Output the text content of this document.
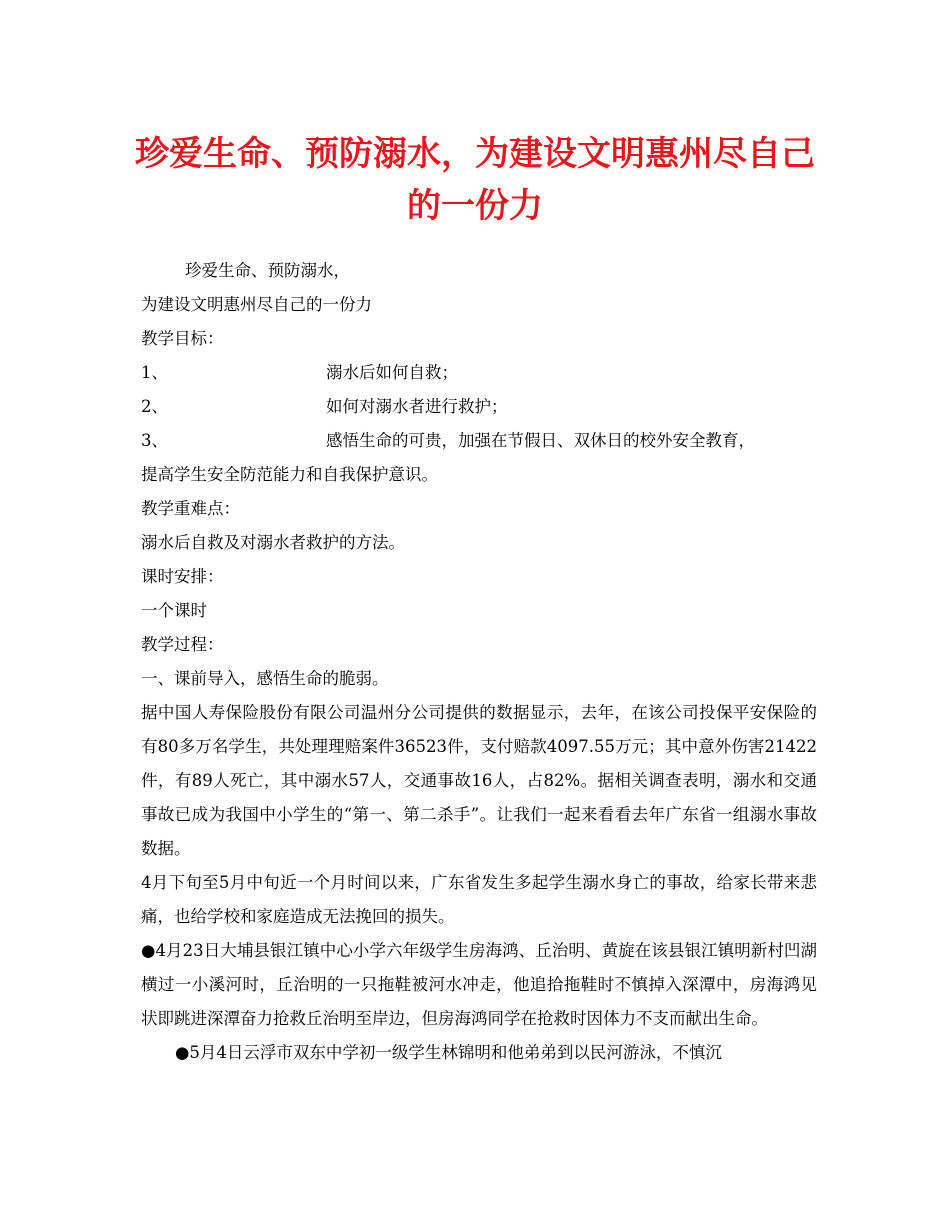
珍爱生命、预防溺水，为建设文明惠州尽自己的一份力
珍爱生命、预防溺水，
为建设文明惠州尽自己的一份力
教学目标：
1、	溺水后如何自救；
2、	如何对溺水者进行救护；
3、	感悟生命的可贵，加强在节假日、双休日的校外安全教育，
提高学生安全防范能力和自我保护意识。
教学重难点：
溺水后自救及对溺水者救护的方法。
课时安排：
一个课时
教学过程：
一、课前导入，感悟生命的脆弱。
据中国人寿保险股份有限公司温州分公司提供的数据显示，去年，在该公司投保平安保险的有80多万名学生，共处理理赔案件36523件，支付赔款4097.55万元；其中意外伤害21422件，有89人死亡，其中溺水57人，交通事故16人，占82%。据相关调查表明，溺水和交通事故已成为我国中小学生的“第一、第二杀手”。让我们一起来看看去年广东省一组溺水事故数据。
4月下旬至5月中旬近一个月时间以来，广东省发生多起学生溺水身亡的事故，给家长带来悲痛，也给学校和家庭造成无法挽回的损失。
●4月23日大埔县银江镇中心小学六年级学生房海鸿、丘治明、黄旋在该县银江镇明新村凹湖横过一小溪河时，丘治明的一只拖鞋被河水冲走，他追拾拖鞋时不慎掉入深潭中，房海鸿见状即跳进深潭奋力抢救丘治明至岸边，但房海鸿同学在抢救时因体力不支而献出生命。
●5月4日云浮市双东中学初一级学生林锦明和他弟弟到以民河游泳，不慎沉
